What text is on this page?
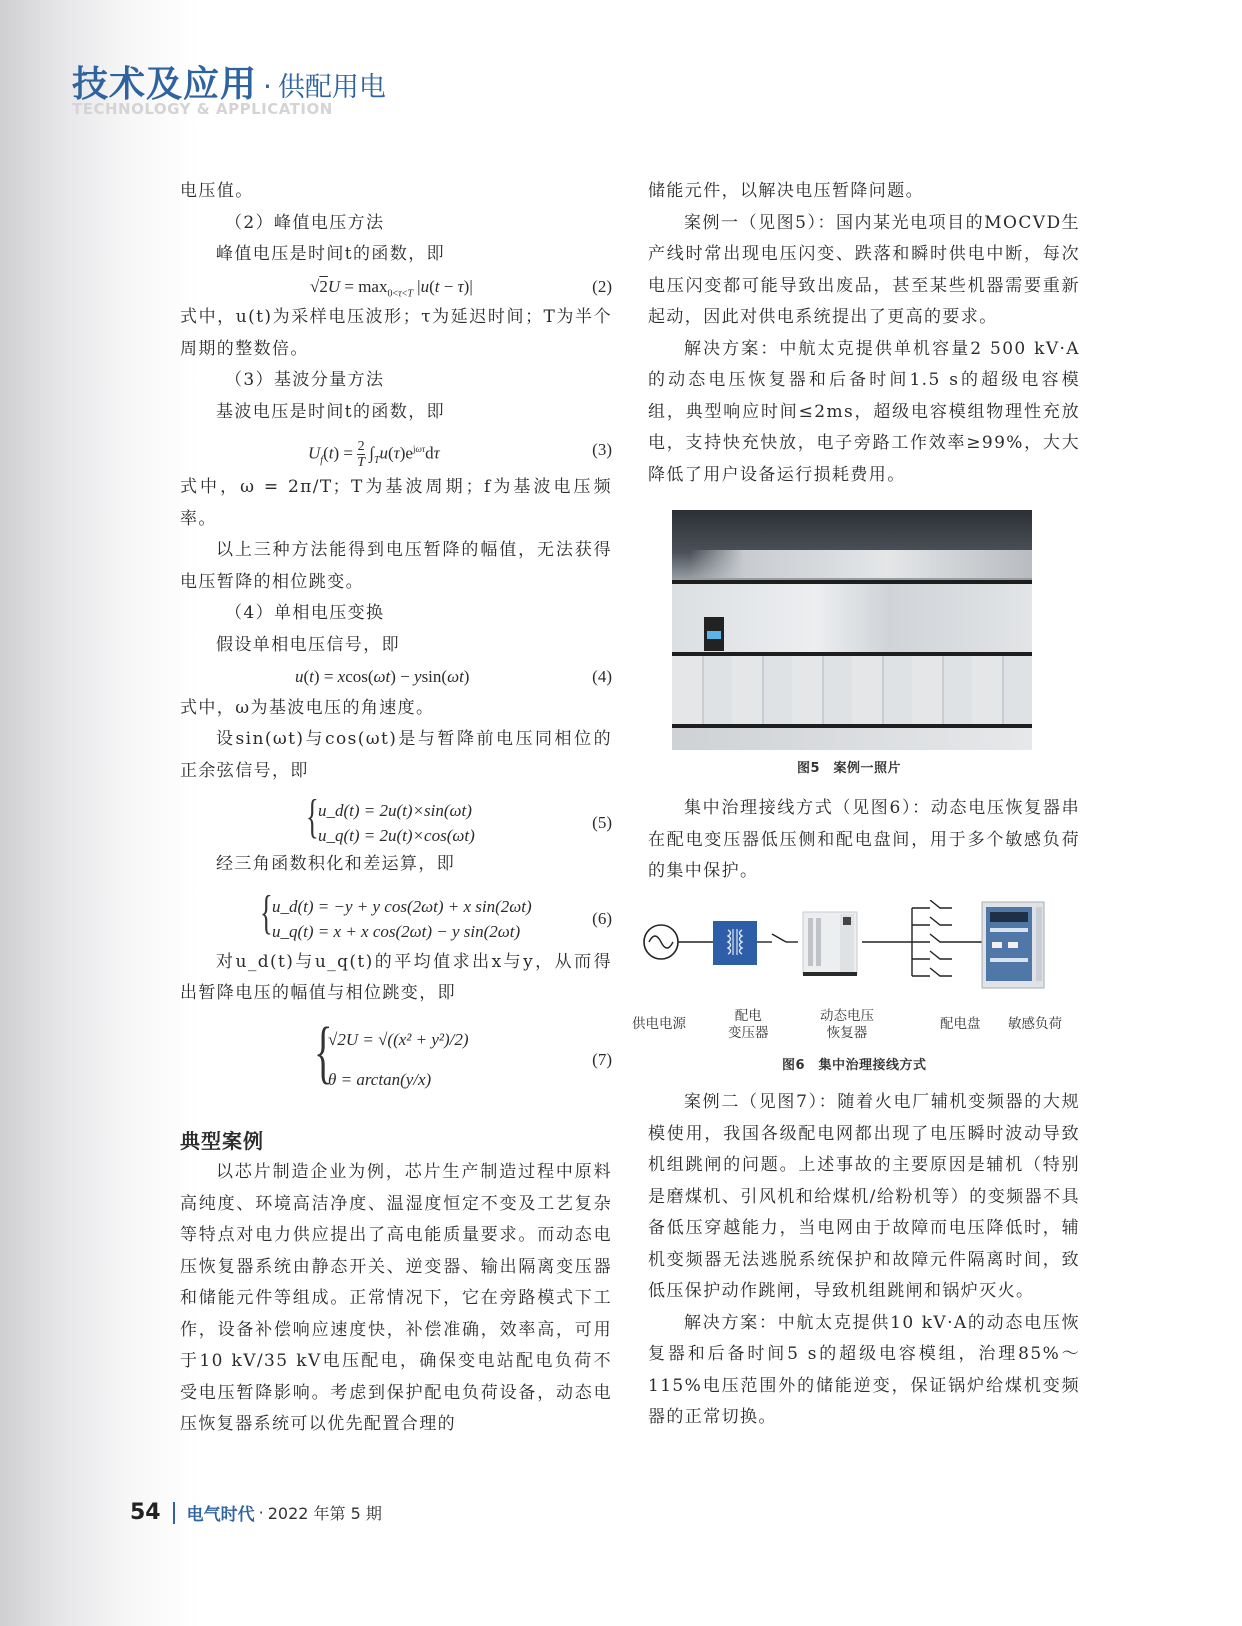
技术及应用 · 供配用电
TECHNOLOGY & APPLICATION

电压值。

（2）峰值电压方法

峰值电压是时间t的函数，即

$√2U = \max_{0<\tau<T} |u(t - \tau)|$	(2)

式中，u(t)为采样电压波形；τ为延迟时间；T为半个周期的整数倍。

（3）基波分量方法

基波电压是时间t的函数，即

$U_f(t) = \frac{2}{T} \int_Tu(\tau)e^{j\omega\tau}d\tau$	(3)

式中，ω = 2π/T；T为基波周期；f为基波电压频率。

以上三种方法能得到电压暂降的幅值，无法获得电压暂降的相位跳变。

（4）单相电压变换

假设单相电压信号，即

u(t) = xcos(ωt) − ysin(ωt)	(4)

式中，ω为基波电压的角速度。

设sin(ωt)与cos(ωt)是与暂降前电压同相位的正余弦信号，即

{ u_d(t) = 2u(t)×sin(ωt)
u_q(t) = 2u(t)×cos(ωt)
(5)

经三角函数积化和差运算，即

{ u_d(t) = −y + y cos(2ωt) + x sin(2ωt)
u_q(t) = x + x cos(2ωt) − y sin(2ωt)
(6)

对u_d(t)与u_q(t)的平均值求出x与y，从而得出暂降电压的幅值与相位跳变，即

{
√2U = √((x² + y²)/2)
θ = arctan(y/x)
(7)

典型案例

以芯片制造企业为例，芯片生产制造过程中原料高纯度、环境高洁净度、温湿度恒定不变及工艺复杂等特点对电力供应提出了高电能质量要求。而动态电压恢复器系统由静态开关、逆变器、输出隔离变压器和储能元件等组成。正常情况下，它在旁路模式下工作，设备补偿响应速度快，补偿准确，效率高，可用于10 kV/35 kV电压配电，确保变电站配电负荷不受电压暂降影响。考虑到保护配电负荷设备，动态电压恢复器系统可以优先配置合理的

储能元件，以解决电压暂降问题。

案例一（见图5）：国内某光电项目的MOCVD生产线时常出现电压闪变、跌落和瞬时供电中断，每次电压闪变都可能导致出废品，甚至某些机器需要重新起动，因此对供电系统提出了更高的要求。

解决方案：中航太克提供单机容量2 500 kV·A的动态电压恢复器和后备时间1.5 s的超级电容模组，典型响应时间≤2ms，超级电容模组物理性充放电，支持快充快放，电子旁路工作效率≥99%，大大降低了用户设备运行损耗费用。

图5　案例一照片

集中治理接线方式（见图6）：动态电压恢复器串在配电变压器低压侧和配电盘间，用于多个敏感负荷的集中保护。

供电电源	配电
变压器
动态电压
恢复器
配电盘 敏感负荷
图6　集中治理接线方式

案例二（见图7）：随着火电厂辅机变频器的大规模使用，我国各级配电网都出现了电压瞬时波动导致机组跳闸的问题。上述事故的主要原因是辅机（特别是磨煤机、引风机和给煤机/给粉机等）的变频器不具备低压穿越能力，当电网由于故障而电压降低时，辅机变频器无法逃脱系统保护和故障元件隔离时间，致低压保护动作跳闸，导致机组跳闸和锅炉灭火。

解决方案：中航太克提供10 kV·A的动态电压恢复器和后备时间5 s的超级电容模组，治理85%～115%电压范围外的储能逆变，保证锅炉给煤机变频器的正常切换。

54 电气时代 · 2022 年第 5 期
